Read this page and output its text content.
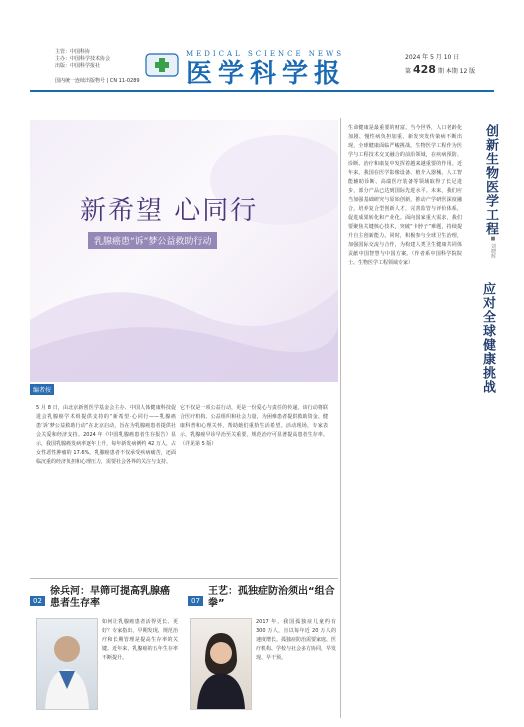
主管：中国科协
主办：中国科学技术协会
出版：中国科学报社
国内统一连续出版物号 | CN 11-0289
MEDICAL SCIENCE NEWS
医学科学报
2024 年 5 月 10 日
第 428 期 本期 12 版
新希望 心同行
乳腺癌患“诉”梦公益救助行动
编者按
5 月 8 日，由北京新创医学基金会主办、中国人体健康科技促进会乳腺癌学术组提供支持的“新希望·心同行——乳腺癌患‘诉’梦公益救助行动”在北京启动，旨在为乳腺癌患者提供社会关爱和经济支持。2024 年《中国乳腺癌患者生存报告》显示，我国乳腺癌发病率逐年上升，每年新发病例约 42 万人，占女性恶性肿瘤的 17.6%。乳腺癌患者不仅承受疾病痛苦，还面临沉重的经济负担和心理压力，需要社会各界的关注与支持。
它不仅是一项公益行动，更是一份爱心与责任的传递。该行动将联合医疗机构、公益组织和社会力量，为困难患者提供救助资金、健康科普和心理关怀，帮助她们重拾生活希望。活动现场，专家表示，乳腺癌早诊早治至关重要，规范治疗可显著提高患者生存率。（详见第 5 版）
生命健康是最重要的财富。当今世界，人口老龄化加剧、慢性病负担加重、新发突发传染病不断出现，全球健康面临严峻挑战。生物医学工程作为医学与工程技术交叉融合的前沿领域，在疾病预防、诊断、治疗和康复中发挥着越来越重要的作用。近年来，我国在医学影像设备、植介入器械、人工智能辅助诊断、高端医疗装备等领域取得了长足进步，部分产品已达到国际先进水平。未来，我们应当加强基础研究与原始创新，推动产学研医深度融合，培养复合型创新人才，完善监管与评价体系，促进成果转化和产业化。面向国家重大需求，我们要聚焦关键核心技术，突破“卡脖子”难题，持续提升自主创新能力。同时，积极参与全球卫生治理，加强国际交流与合作，为构建人类卫生健康共同体贡献中国智慧与中国方案。（作者系中国科学院院士、生物医学工程领域专家）
创新生物医学工程
应对全球健康挑战
■ 刘晓辉
02
徐兵河：早筛可提高乳腺癌患者生存率
如何让乳腺癌患者活得更长、更好？专家指出，早期发现、规范治疗和长期管理是提高生存率的关键。近年来，乳腺癌的五年生存率不断提升。
07
王艺：孤独症防治须出“组合拳”
2017 年，我国孤独症儿童约有 300 万人，且以每年近 20 万人的速度增长。孤独症防治需要家庭、医疗机构、学校与社会多方协同，早发现、早干预。
